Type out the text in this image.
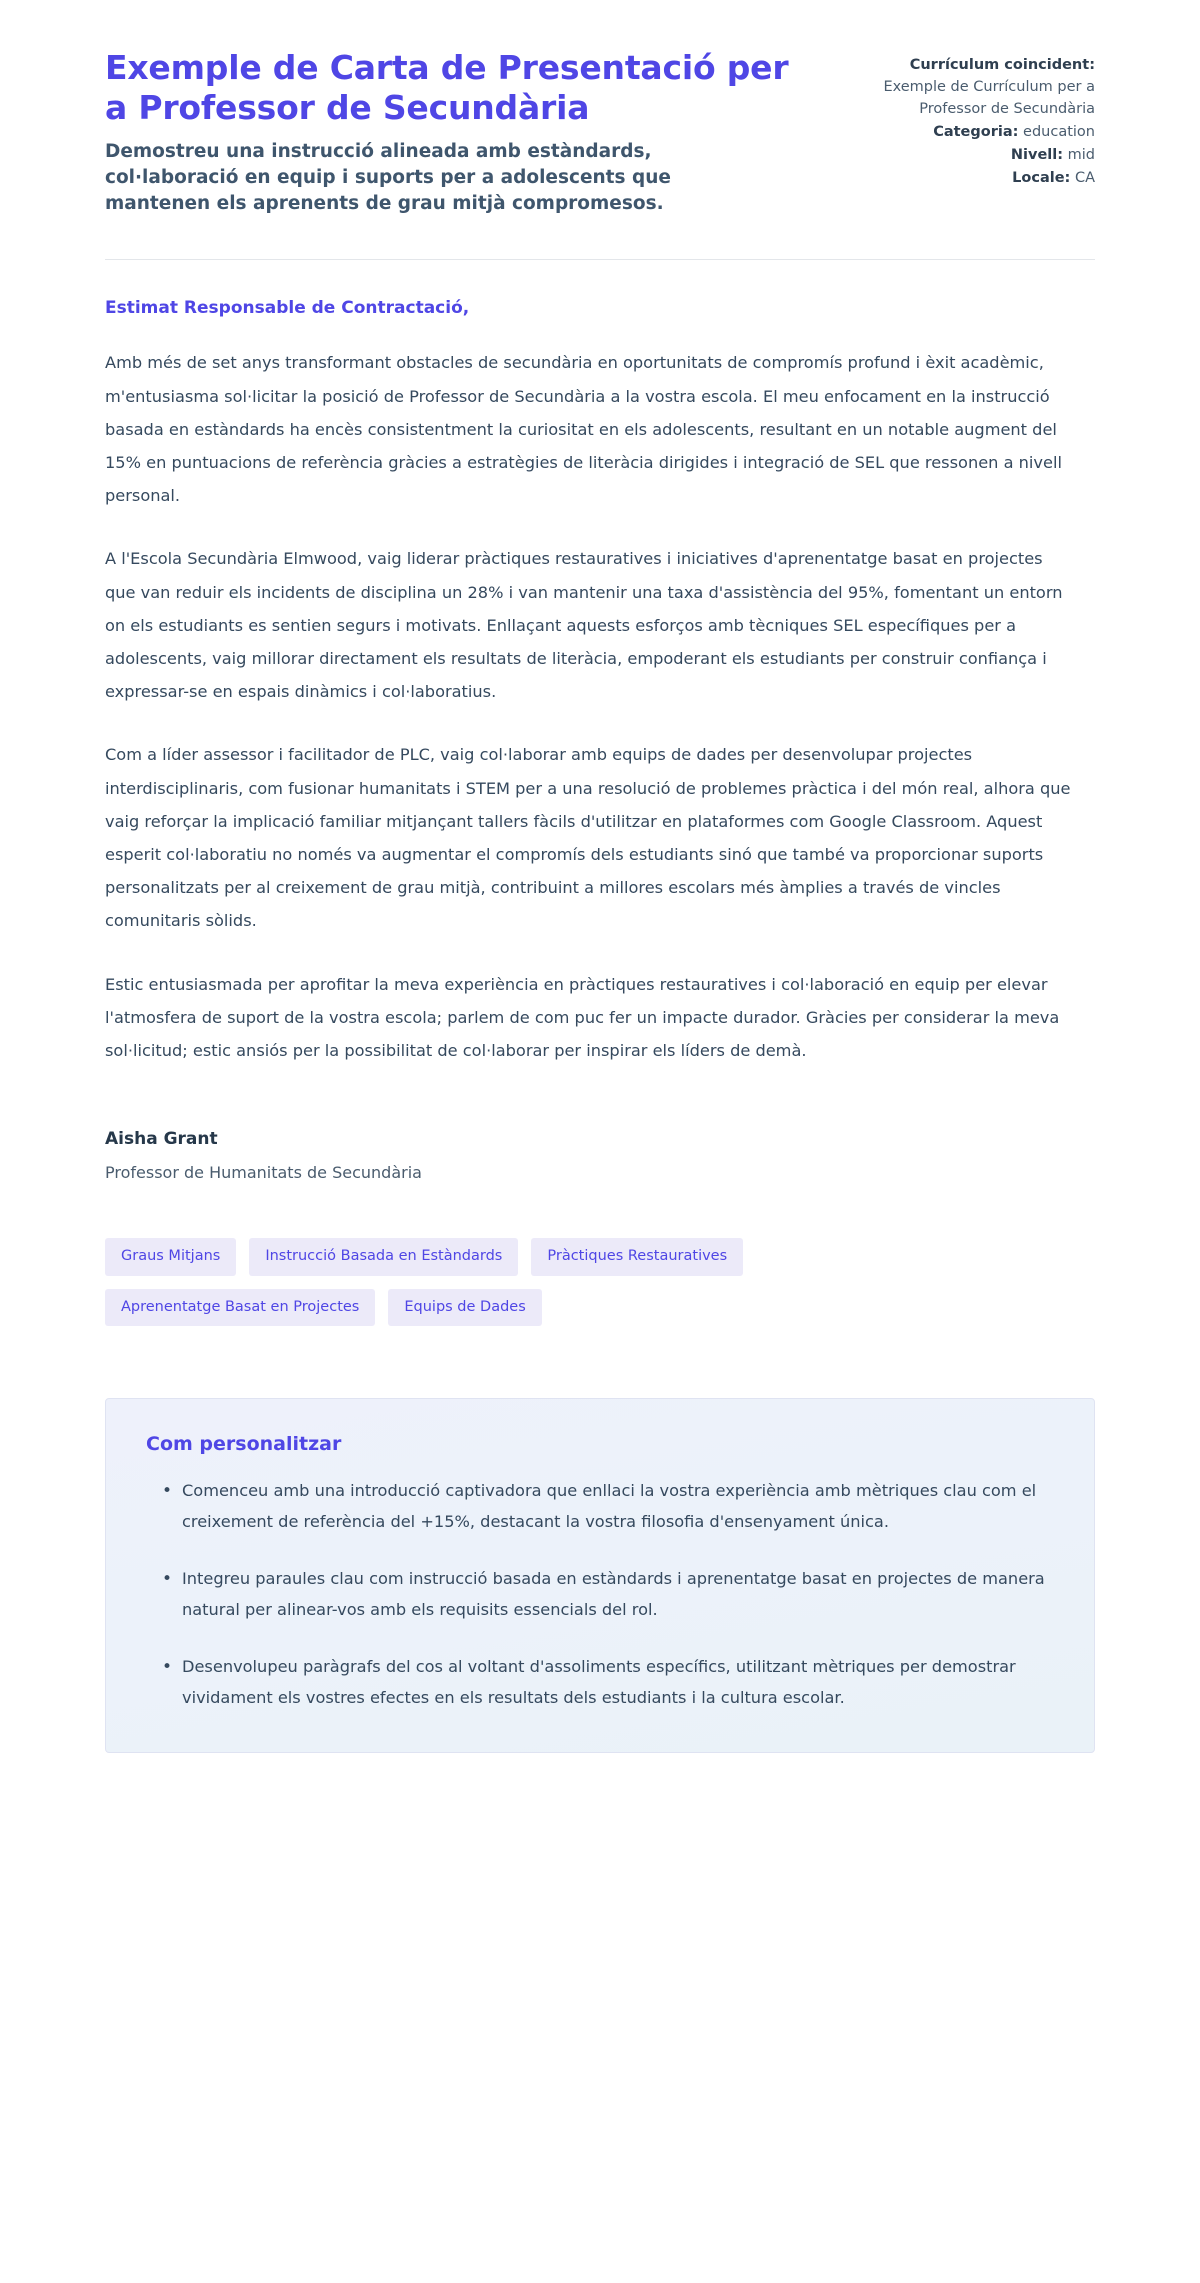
Exemple de Carta de Presentació per a Professor de Secundària

Demostreu una instrucció alineada amb estàndards, col·laboració en equip i suports per a adolescents que mantenen els aprenents de grau mitjà compromesos.

Currículum coincident: Exemple de Currículum per a Professor de Secundària

Categoria: education

Nivell: mid

Locale: CA

Estimat Responsable de Contractació,

Amb més de set anys transformant obstacles de secundària en oportunitats de compromís profund i èxit acadèmic, m'entusiasma sol·licitar la posició de Professor de Secundària a la vostra escola. El meu enfocament en la instrucció basada en estàndards ha encès consistentment la curiositat en els adolescents, resultant en un notable augment del 15% en puntuacions de referència gràcies a estratègies de literàcia dirigides i integració de SEL que ressonen a nivell personal.

A l'Escola Secundària Elmwood, vaig liderar pràctiques restauratives i iniciatives d'aprenentatge basat en projectes que van reduir els incidents de disciplina un 28% i van mantenir una taxa d'assistència del 95%, fomentant un entorn on els estudiants es sentien segurs i motivats. Enllaçant aquests esforços amb tècniques SEL específiques per a adolescents, vaig millorar directament els resultats de literàcia, empoderant els estudiants per construir confiança i expressar-se en espais dinàmics i col·laboratius.

Com a líder assessor i facilitador de PLC, vaig col·laborar amb equips de dades per desenvolupar projectes interdisciplinaris, com fusionar humanitats i STEM per a una resolució de problemes pràctica i del món real, alhora que vaig reforçar la implicació familiar mitjançant tallers fàcils d'utilitzar en plataformes com Google Classroom. Aquest esperit col·laboratiu no només va augmentar el compromís dels estudiants sinó que també va proporcionar suports personalitzats per al creixement de grau mitjà, contribuint a millores escolars més àmplies a través de vincles comunitaris sòlids.

Estic entusiasmada per aprofitar la meva experiència en pràctiques restauratives i col·laboració en equip per elevar l'atmosfera de suport de la vostra escola; parlem de com puc fer un impacte durador. Gràcies per considerar la meva sol·licitud; estic ansiós per la possibilitat de col·laborar per inspirar els líders de demà.

Aisha Grant

Professor de Humanitats de Secundària

Graus Mitjans	Instrucció Basada en Estàndards	Pràctiques Restauratives
Aprenentatge Basat en Projectes	Equips de Dades

Com personalitzar

• Comenceu amb una introducció captivadora que enllaci la vostra experiència amb mètriques clau com el creixement de referència del +15%, destacant la vostra filosofia d'ensenyament única.
• Integreu paraules clau com instrucció basada en estàndards i aprenentatge basat en projectes de manera natural per alinear-vos amb els requisits essencials del rol.
• Desenvolupeu paràgrafs del cos al voltant d'assoliments específics, utilitzant mètriques per demostrar vividament els vostres efectes en els resultats dels estudiants i la cultura escolar.
